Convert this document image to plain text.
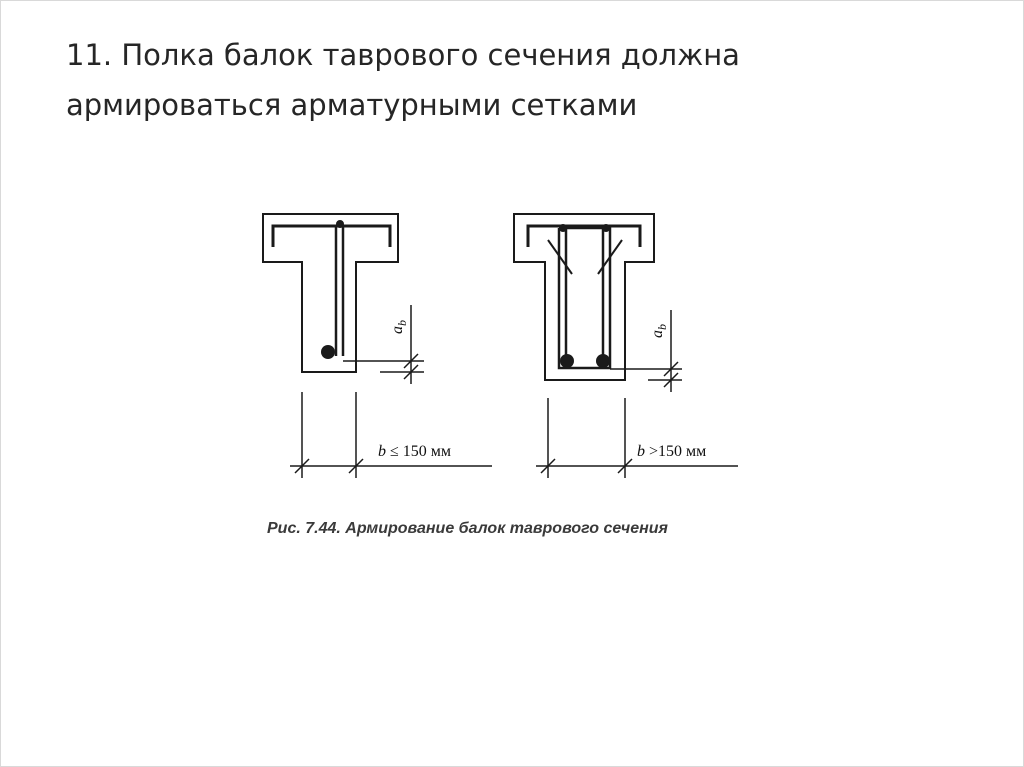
11. Полка балок таврового сечения должна
армироваться арматурными сетками
$a_b$
$a_b$
b ≤ 150 мм	b >150 мм
Рис. 7.44. Армирование балок таврового сечения
